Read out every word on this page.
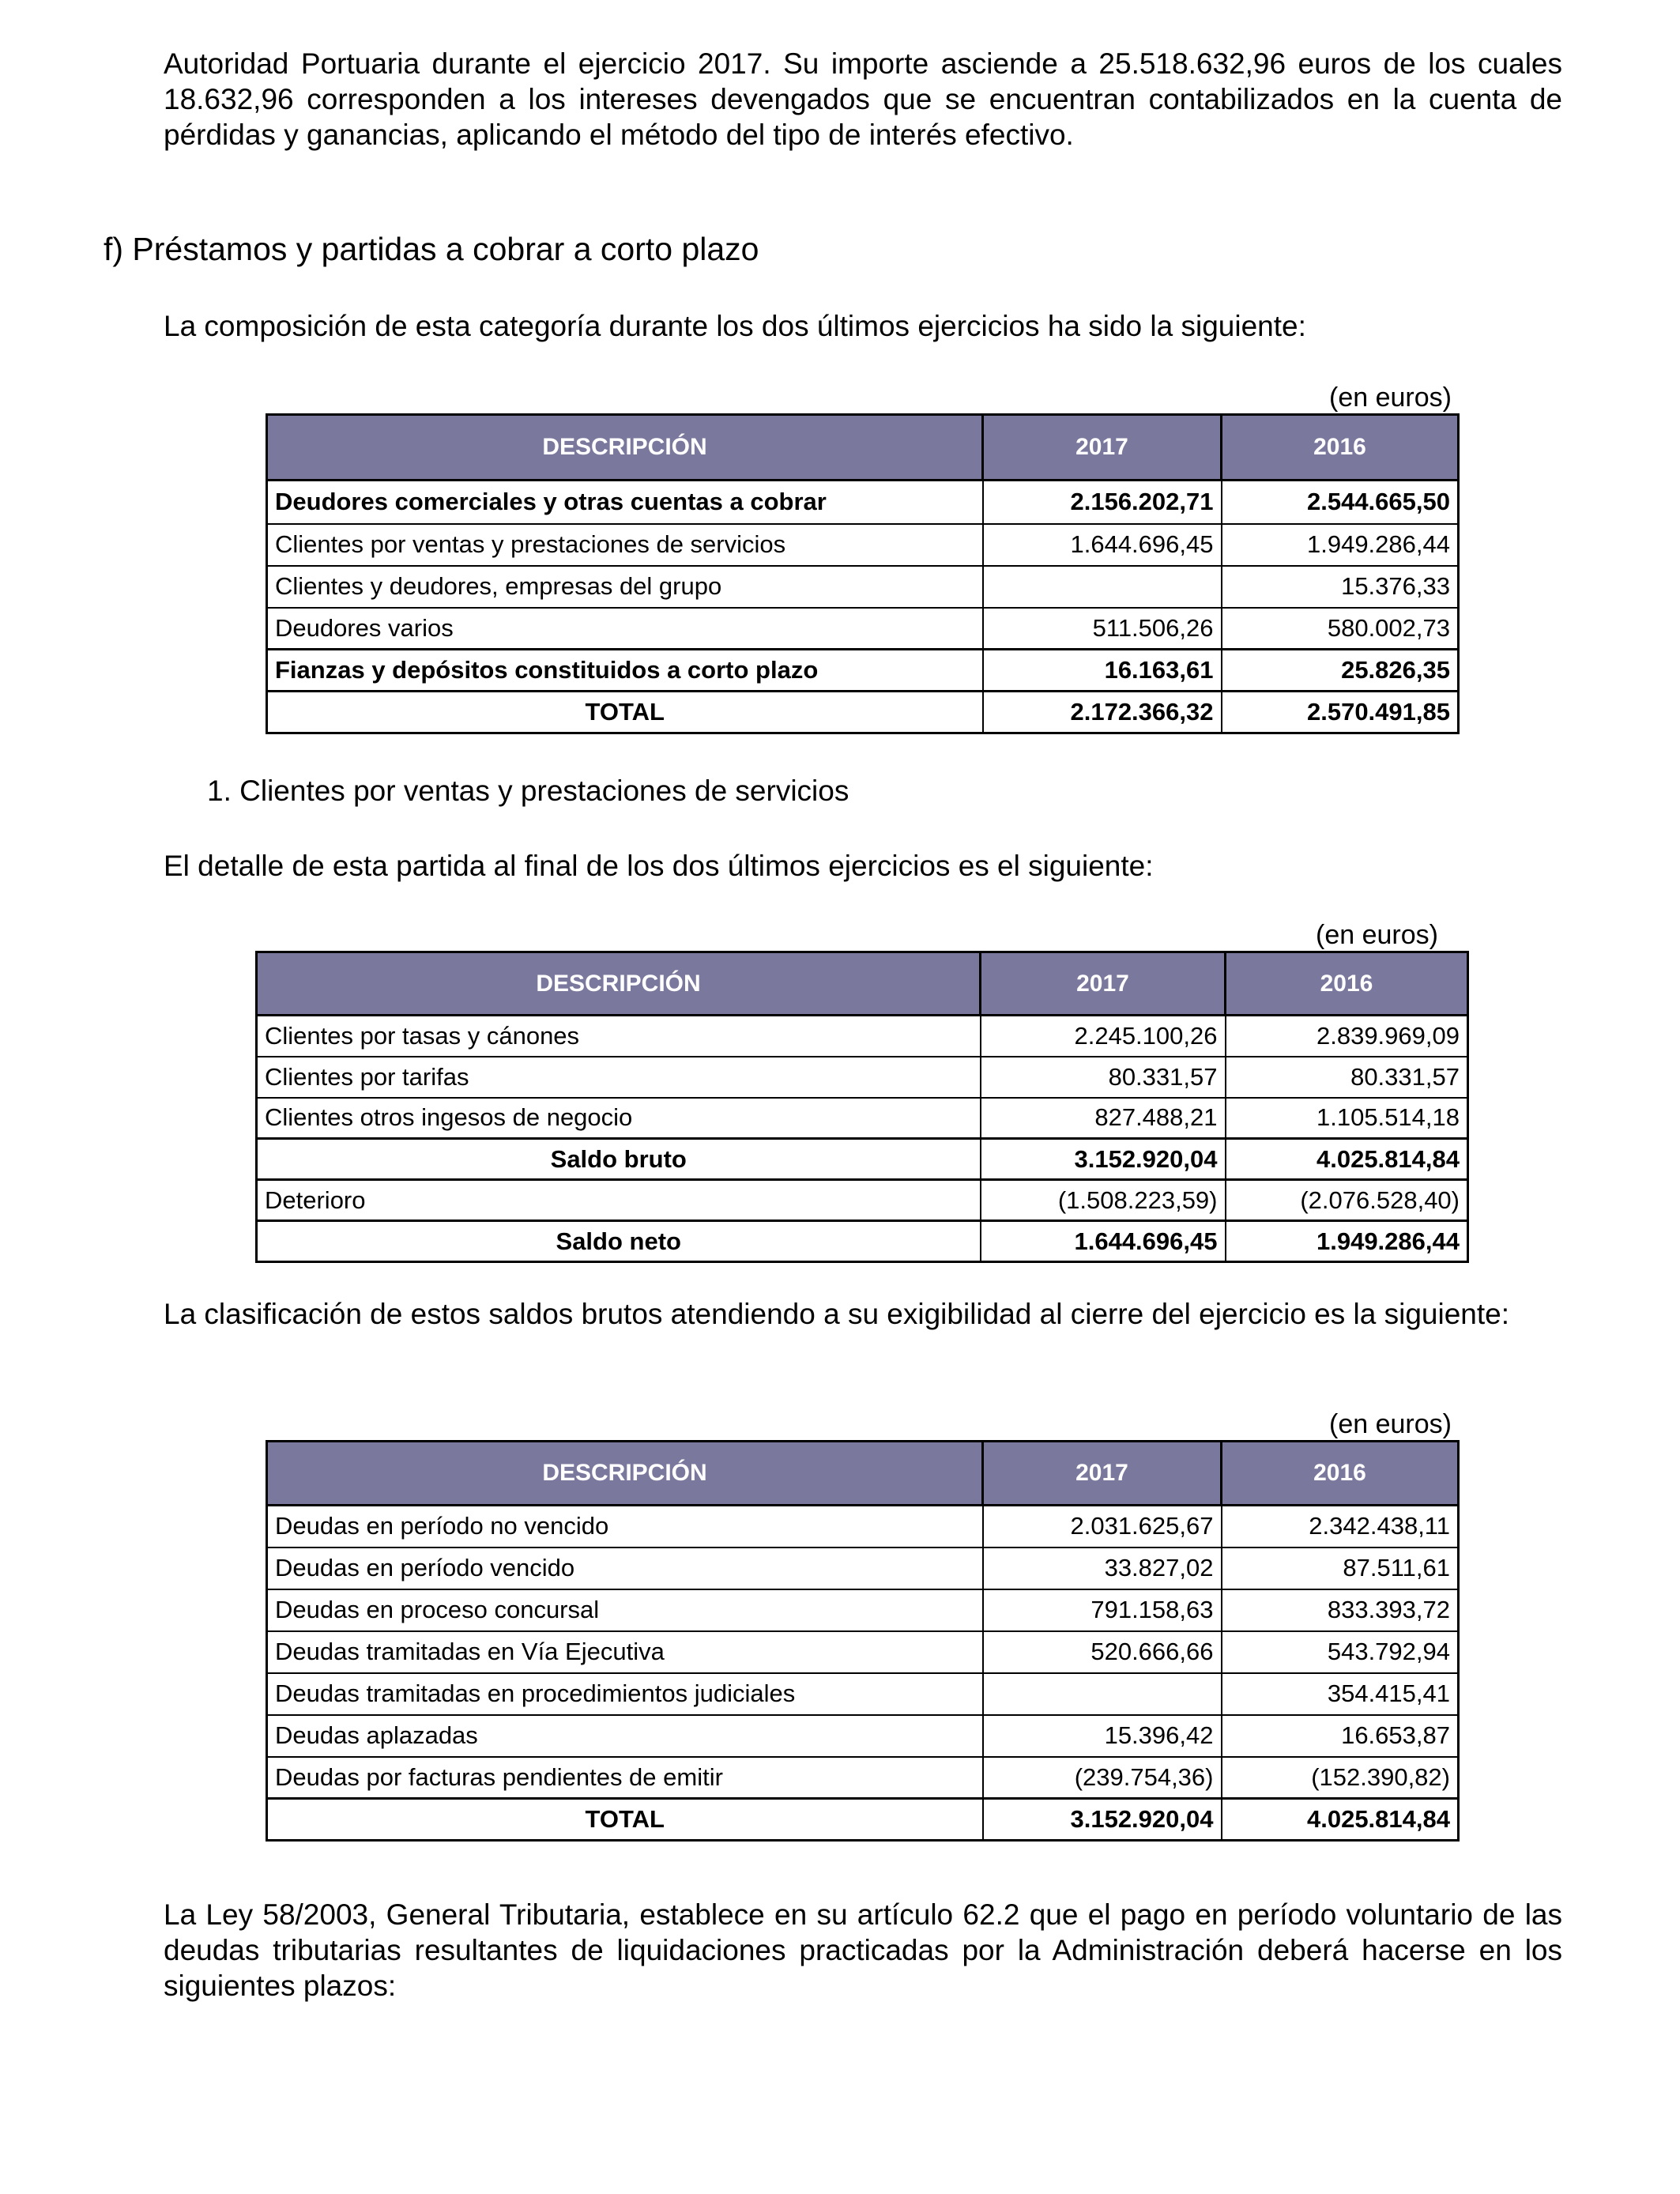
Autoridad Portuaria durante el ejercicio 2017. Su importe asciende a 25.518.632,96 euros de los cuales 18.632,96 corresponden a los intereses devengados que se encuentran contabilizados en la cuenta de pérdidas y ganancias, aplicando el método del tipo de interés efectivo.

f) Préstamos y partidas a cobrar a corto plazo

La composición de esta categoría durante los dos últimos ejercicios ha sido la siguiente:

(en euros)

DESCRIPCIÓN	2017	2016
Deudores comerciales y otras cuentas a cobrar	2.156.202,71	2.544.665,50
Clientes por ventas y prestaciones de servicios	1.644.696,45	1.949.286,44
Clientes y deudores, empresas del grupo		15.376,33
Deudores varios	511.506,26	580.002,73
Fianzas y depósitos constituidos a corto plazo	16.163,61	25.826,35
TOTAL	2.172.366,32	2.570.491,85

1. Clientes por ventas y prestaciones de servicios

El detalle de esta partida al final de los dos últimos ejercicios es el siguiente:

(en euros)

DESCRIPCIÓN	2017	2016
Clientes por tasas y cánones	2.245.100,26	2.839.969,09
Clientes por tarifas	80.331,57	80.331,57
Clientes otros ingesos de negocio	827.488,21	1.105.514,18
Saldo bruto	3.152.920,04	4.025.814,84
Deterioro	(1.508.223,59)	(2.076.528,40)
Saldo neto	1.644.696,45	1.949.286,44

La clasificación de estos saldos brutos atendiendo a su exigibilidad al cierre del ejercicio es la siguiente:

(en euros)

DESCRIPCIÓN	2017	2016
Deudas en período no vencido	2.031.625,67	2.342.438,11
Deudas en período vencido	33.827,02	87.511,61
Deudas en proceso concursal	791.158,63	833.393,72
Deudas tramitadas en Vía Ejecutiva	520.666,66	543.792,94
Deudas tramitadas en procedimientos judiciales		354.415,41
Deudas aplazadas	15.396,42	16.653,87
Deudas por facturas pendientes de emitir	(239.754,36)	(152.390,82)
TOTAL	3.152.920,04	4.025.814,84

La Ley 58/2003, General Tributaria, establece en su artículo 62.2 que el pago en período voluntario de las deudas tributarias resultantes de liquidaciones practicadas por la Administración deberá hacerse en los siguientes plazos:
